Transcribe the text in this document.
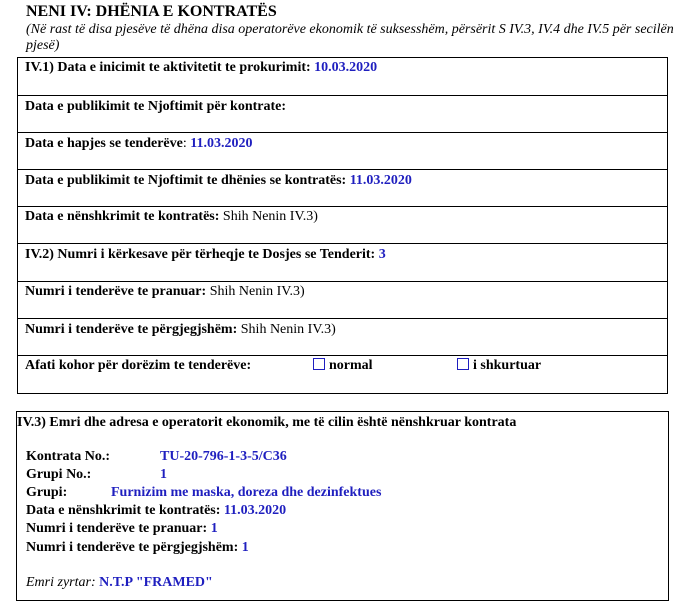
NENI IV: DHËNIA E KONTRATËS
(Në rast të disa pjesëve të dhëna disa operatorëve ekonomik të suksesshëm, përsërit S IV.3, IV.4 dhe IV.5 për secilën pjesë)
IV.1) Data e inicimit te aktivitetit te prokurimit: 10.03.2020
Data e publikimit te Njoftimit për kontrate:
Data e hapjes se tenderëve: 11.03.2020
Data e publikimit te Njoftimit te dhënies se kontratës: 11.03.2020
Data e nënshkrimit te kontratës: Shih Nenin IV.3)
IV.2) Numri i kërkesave për tërheqje te Dosjes se Tenderit: 3
Numri i tenderëve te pranuar: Shih Nenin IV.3)
Numri i tenderëve te përgjegjshëm: Shih Nenin IV.3)
Afati kohor për dorëzim te tenderëve:	normal	i shkurtuar
IV.3) Emri dhe adresa e operatorit ekonomik, me të cilin është nënshkruar kontrata
Kontrata No.:	TU-20-796-1-3-5/C36
Grupi No.:	1
Grupi:	Furnizim me maska, doreza dhe dezinfektues
Data e nënshkrimit te kontratës: 11.03.2020
Numri i tenderëve te pranuar: 1
Numri i tenderëve te përgjegjshëm: 1
Emri zyrtar: N.T.P "FRAMED"
